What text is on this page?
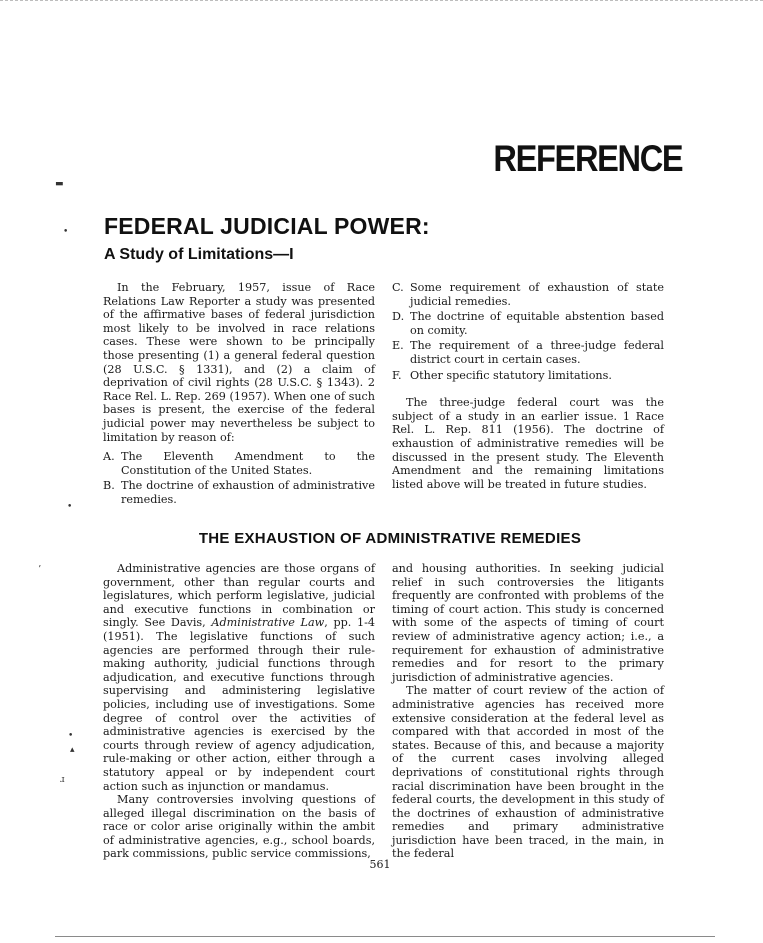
▬
•
•
ʼ
•
▴
ɹ
REFERENCE
FEDERAL JUDICIAL POWER:
A Study of Limitations—I

In the February, 1957, issue of Race Relations Law Reporter a study was presented of the affirmative bases of federal jurisdiction most likely to be involved in race relations cases. These were shown to be principally those presenting (1) a general federal question (28 U.S.C. § 1331), and (2) a claim of deprivation of civil rights (28 U.S.C. § 1343). 2 Race Rel. L. Rep. 269 (1957). When one of such bases is present, the exercise of the federal judicial power may nevertheless be subject to limitation by reason of:

A. The Eleventh Amendment to the Constitution of the United States.
B. The doctrine of exhaustion of administrative remedies.
C. Some requirement of exhaustion of state judicial remedies.
D. The doctrine of equitable abstention based on comity.
E. The requirement of a three-judge federal district court in certain cases.
F. Other specific statutory limitations.

The three-judge federal court was the subject of a study in an earlier issue. 1 Race Rel. L. Rep. 811 (1956). The doctrine of exhaustion of administrative remedies will be discussed in the present study. The Eleventh Amendment and the remaining limitations listed above will be treated in future studies.

THE EXHAUSTION OF ADMINISTRATIVE REMEDIES

Administrative agencies are those organs of government, other than regular courts and legislatures, which perform legislative, judicial and executive functions in combination or singly. See Davis, Administrative Law, pp. 1-4 (1951). The legislative functions of such agencies are performed through their rule-making authority, judicial functions through adjudication, and executive functions through supervising and administering legislative policies, including use of investigations. Some degree of control over the activities of administrative agencies is exercised by the courts through review of agency adjudication, rule-making or other action, either through a statutory appeal or by independent court action such as injunction or mandamus.

Many controversies involving questions of alleged illegal discrimination on the basis of race or color arise originally within the ambit of administrative agencies, e.g., school boards, park commissions, public service commissions,

and housing authorities. In seeking judicial relief in such controversies the litigants frequently are confronted with problems of the timing of court action. This study is concerned with some of the aspects of timing of court review of administrative agency action; i.e., a requirement for exhaustion of administrative remedies and for resort to the primary jurisdiction of administrative agencies.

The matter of court review of the action of administrative agencies has received more extensive consideration at the federal level as compared with that accorded in most of the states. Because of this, and because a majority of the current cases involving alleged deprivations of constitutional rights through racial discrimination have been brought in the federal courts, the development in this study of the doctrines of exhaustion of administrative remedies and primary administrative jurisdiction have been traced, in the main, in the federal

561
